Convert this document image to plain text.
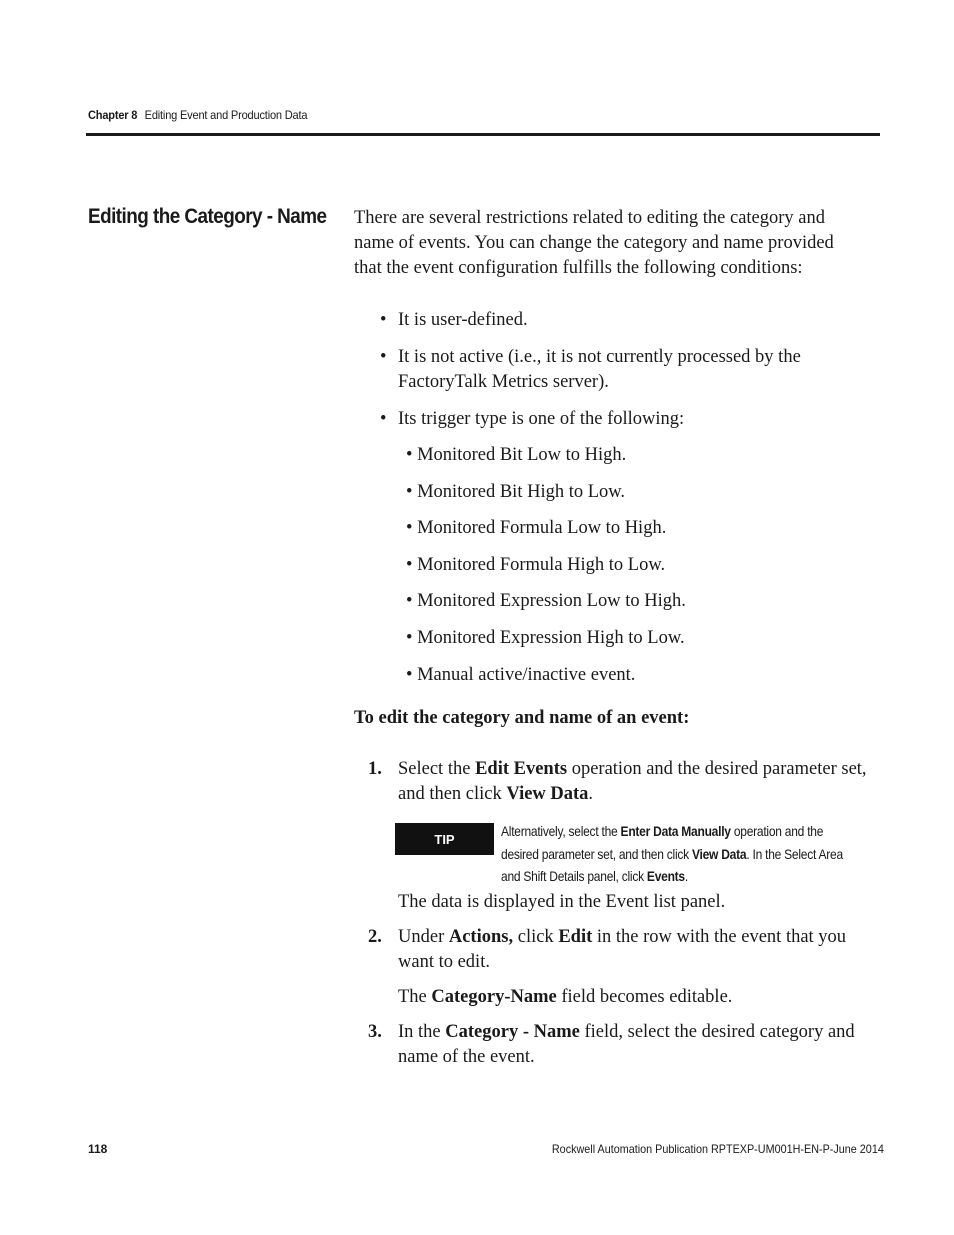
Chapter 8 Editing Event and Production Data
Editing the Category - Name There are several restrictions related to editing the category and name of events. You can change the category and name provided that the event configuration fulfills the following conditions:
• It is user-defined.
• It is not active (i.e., it is not currently processed by the FactoryTalk Metrics server).
• Its trigger type is one of the following:
• Monitored Bit Low to High.
• Monitored Bit High to Low.
• Monitored Formula Low to High.
• Monitored Formula High to Low.
• Monitored Expression Low to High.
• Monitored Expression High to Low.
• Manual active/inactive event.
To edit the category and name of an event:
1. Select the Edit Events operation and the desired parameter set, and then click View Data.
TIP	Alternatively, select the Enter Data Manually operation and the desired parameter set, and then click View Data. In the Select Area and Shift Details panel, click Events.
The data is displayed in the Event list panel.
2. Under Actions, click Edit in the row with the event that you want to edit.
The Category-Name field becomes editable.
3. In the Category - Name field, select the desired category and name of the event.
118	Rockwell Automation Publication RPTEXP-UM001H-EN-P-June 2014
